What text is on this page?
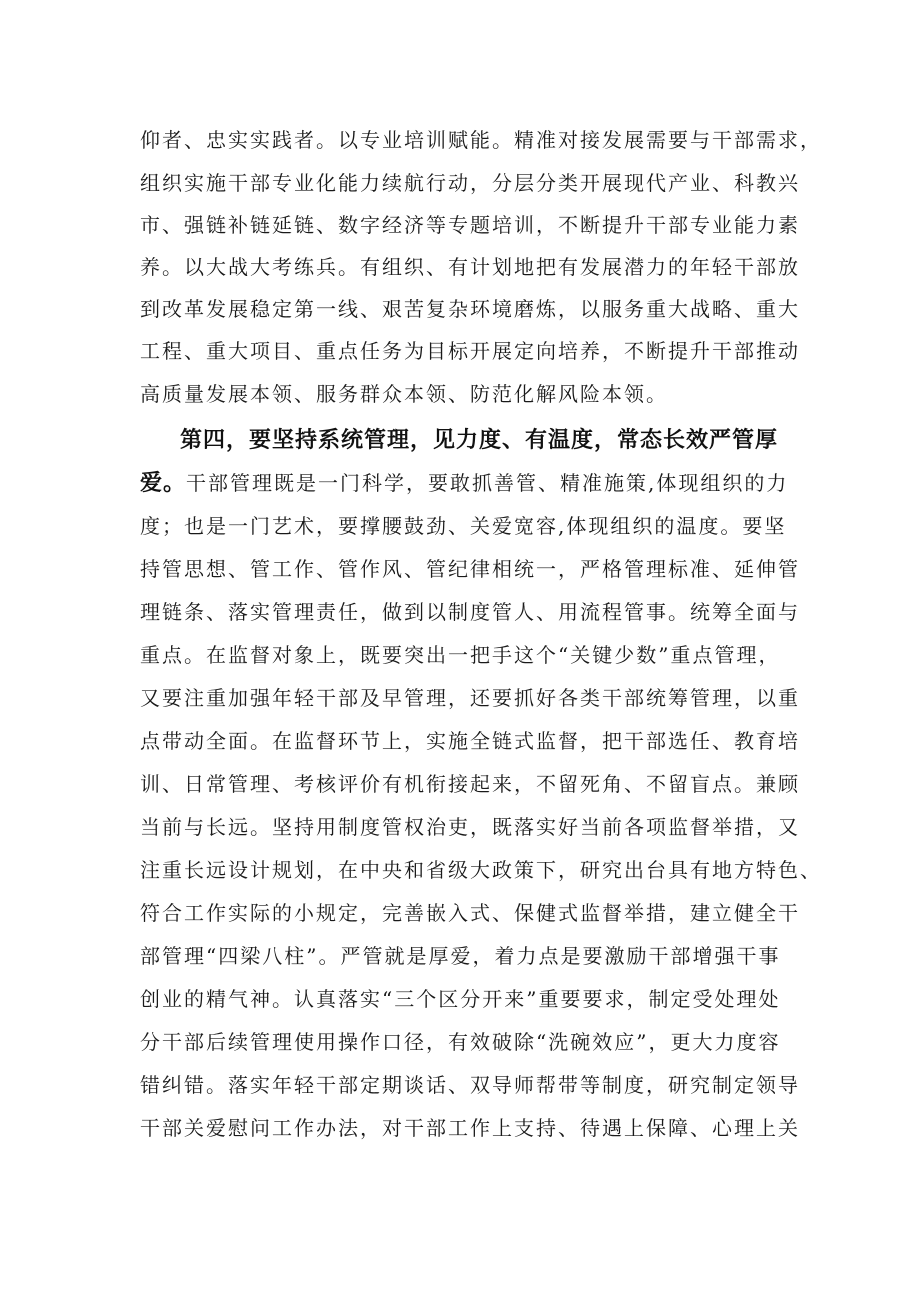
仰者、忠实实践者。以专业培训赋能。精准对接发展需要与干部需求，
组织实施干部专业化能力续航行动，分层分类开展现代产业、科教兴
市、强链补链延链、数字经济等专题培训，不断提升干部专业能力素
养。以大战大考练兵。有组织、有计划地把有发展潜力的年轻干部放
到改革发展稳定第一线、艰苦复杂环境磨炼，以服务重大战略、重大
工程、重大项目、重点任务为目标开展定向培养，不断提升干部推动
高质量发展本领、服务群众本领、防范化解风险本领。
第四，要坚持系统管理，见力度、有温度，常态长效严管厚
爱。干部管理既是一门科学，要敢抓善管、精准施策,体现组织的力
度；也是一门艺术，要撑腰鼓劲、关爱宽容,体现组织的温度。要坚
持管思想、管工作、管作风、管纪律相统一，严格管理标准、延伸管
理链条、落实管理责任，做到以制度管人、用流程管事。统筹全面与
重点。在监督对象上，既要突出一把手这个“关键少数”重点管理，
又要注重加强年轻干部及早管理，还要抓好各类干部统筹管理，以重
点带动全面。在监督环节上，实施全链式监督，把干部选任、教育培
训、日常管理、考核评价有机衔接起来，不留死角、不留盲点。兼顾
当前与长远。坚持用制度管权治吏，既落实好当前各项监督举措，又
注重长远设计规划，在中央和省级大政策下，研究出台具有地方特色、
符合工作实际的小规定，完善嵌入式、保健式监督举措，建立健全干
部管理“四梁八柱”。严管就是厚爱，着力点是要激励干部增强干事
创业的精气神。认真落实“三个区分开来”重要要求，制定受处理处
分干部后续管理使用操作口径，有效破除“洗碗效应”，更大力度容
错纠错。落实年轻干部定期谈话、双导师帮带等制度，研究制定领导
干部关爱慰问工作办法，对干部工作上支持、待遇上保障、心理上关
